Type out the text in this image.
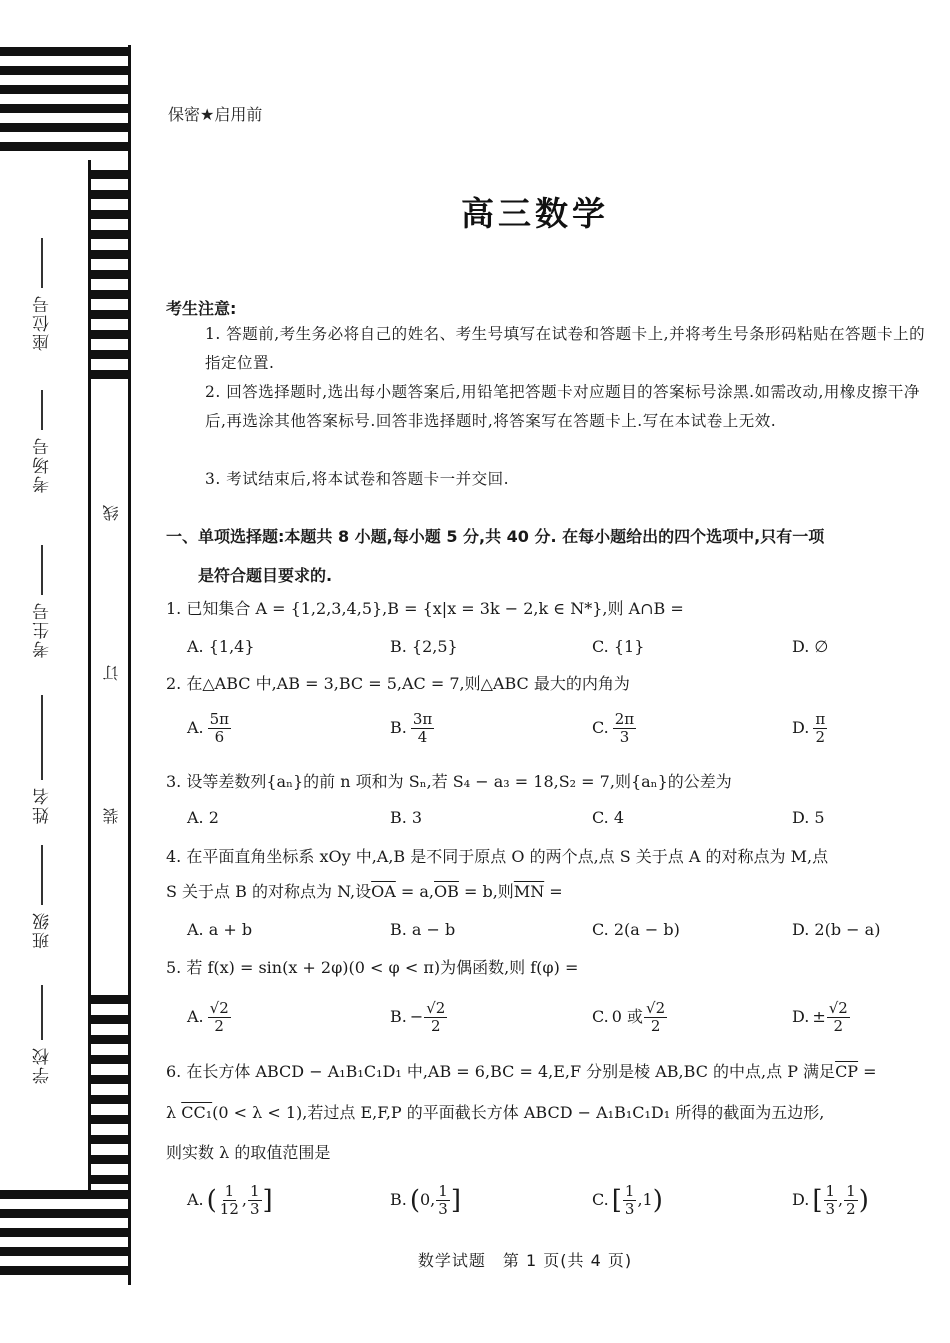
座位号
考场号
考生号
姓名
班级
学校
线
订
装
保密★启用前
高三数学
考生注意:
1. 答题前,考生务必将自己的姓名、考生号填写在试卷和答题卡上,并将考生号条形码粘贴在答题卡上的指定位置.
2. 回答选择题时,选出每小题答案后,用铅笔把答题卡对应题目的答案标号涂黑.如需改动,用橡皮擦干净后,再选涂其他答案标号.回答非选择题时,将答案写在答题卡上.写在本试卷上无效.
3. 考试结束后,将本试卷和答题卡一并交回.
一、单项选择题:本题共 8 小题,每小题 5 分,共 40 分. 在每小题给出的四个选项中,只有一项
是符合题目要求的.
1. 已知集合 A = {1,2,3,4,5},B = {x|x = 3k − 2,k ∈ N*},则 A∩B =
A. {1,4}	B. {2,5}	C. {1}	D. ∅
2. 在△ABC 中,AB = 3,BC = 5,AC = 7,则△ABC 最大的内角为
A. $\frac{5\pi}{6}$	B. $\frac{3\pi}{4}$	C. $\frac{2\pi}{3}$	D. $\frac{\pi}{2}$
3. 设等差数列{aₙ}的前 n 项和为 Sₙ,若 S₄ − a₃ = 18,S₂ = 7,则{aₙ}的公差为
A. 2	B. 3	C. 4	D. 5
4. 在平面直角坐标系 xOy 中,A,B 是不同于原点 O 的两个点,点 S 关于点 A 的对称点为 M,点
S 关于点 B 的对称点为 N,设$\overline{OA} = a,\overline{OB} = b$,则$\overline{MN}$ =
A. a + b	B. a − b	C. 2(a − b)	D. 2(b − a)
5. 若 f(x) = sin(x + 2φ)(0 < φ < π)为偶函数,则 f(φ) =
A. $\frac{√2}{2}$	B. − $\frac{√2}{2}$	C. 0 或 $\frac{√2}{2}$	D. ± $\frac{√2}{2}$
6. 在长方体 ABCD − A₁B₁C₁D₁ 中,AB = 6,BC = 4,E,F 分别是棱 AB,BC 的中点,点 P 满足$\overline{CP}$ =
λ CC₁(0 < λ < 1),若过点 E,F,P 的平面截长方体 ABCD − A₁B₁C₁D₁ 所得的截面为五边形,
则实数 λ 的取值范围是
A. ( $\frac{1}{12}$ , $\frac{1}{3}$ ]	B. (0, $\frac{1}{3}$ ]	C. [ $\frac{1}{3} ,1$)	D. [ $\frac{1}{3}$ , $\frac{1}{2}$ )
数学试题　第 1 页(共 4 页)
